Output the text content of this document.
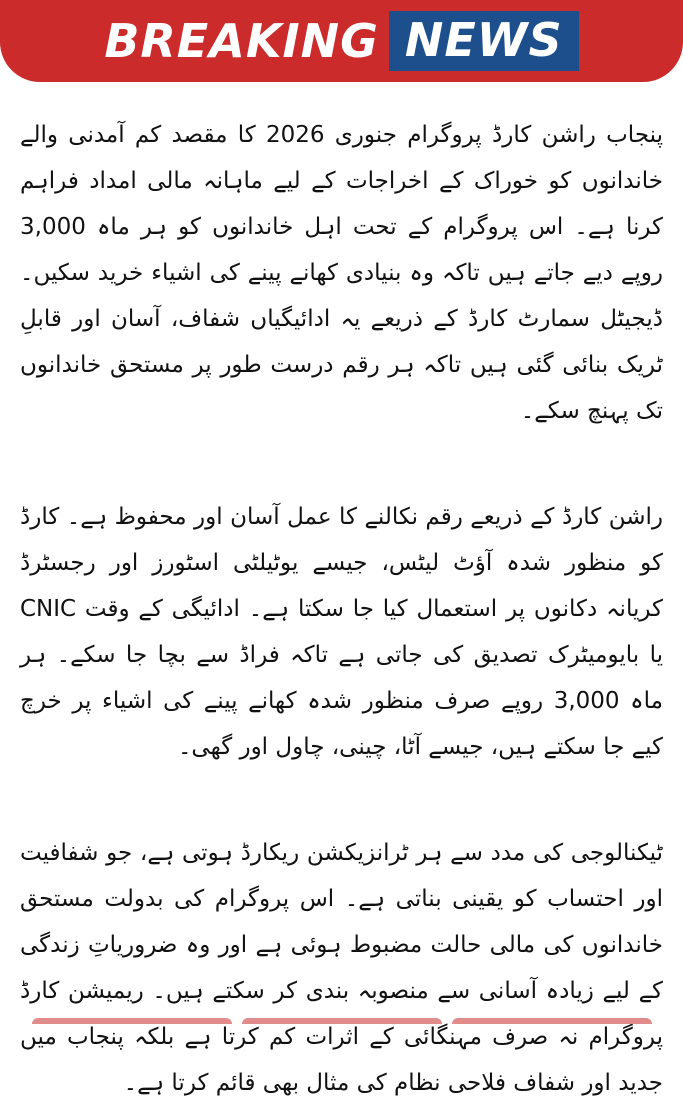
BREAKING NEWS

پنجاب راشن کارڈ پروگرام جنوری 2026 کا مقصد کم آمدنی والے خاندانوں کو خوراک کے اخراجات کے لیے ماہانہ مالی امداد فراہم کرنا ہے۔ اس پروگرام کے تحت اہل خاندانوں کو ہر ماہ 3,000 روپے دیے جاتے ہیں تاکہ وہ بنیادی کھانے پینے کی اشیاء خرید سکیں۔ ڈیجیٹل سمارٹ کارڈ کے ذریعے یہ ادائیگیاں شفاف، آسان اور قابلِ ٹریک بنائی گئی ہیں تاکہ ہر رقم درست طور پر مستحق خاندانوں تک پہنچ سکے۔

راشن کارڈ کے ذریعے رقم نکالنے کا عمل آسان اور محفوظ ہے۔ کارڈ کو منظور شدہ آؤٹ لیٹس، جیسے یوٹیلٹی اسٹورز اور رجسٹرڈ کریانہ دکانوں پر استعمال کیا جا سکتا ہے۔ ادائیگی کے وقت CNIC یا بایومیٹرک تصدیق کی جاتی ہے تاکہ فراڈ سے بچا جا سکے۔ ہر ماہ 3,000 روپے صرف منظور شدہ کھانے پینے کی اشیاء پر خرچ کیے جا سکتے ہیں، جیسے آٹا، چینی، چاول اور گھی۔

ٹیکنالوجی کی مدد سے ہر ٹرانزیکشن ریکارڈ ہوتی ہے، جو شفافیت اور احتساب کو یقینی بناتی ہے۔ اس پروگرام کی بدولت مستحق خاندانوں کی مالی حالت مضبوط ہوئی ہے اور وہ ضروریاتِ زندگی کے لیے زیادہ آسانی سے منصوبہ بندی کر سکتے ہیں۔ ریمیشن کارڈ پروگرام نہ صرف مہنگائی کے اثرات کم کرتا ہے بلکہ پنجاب میں جدید اور شفاف فلاحی نظام کی مثال بھی قائم کرتا ہے۔
